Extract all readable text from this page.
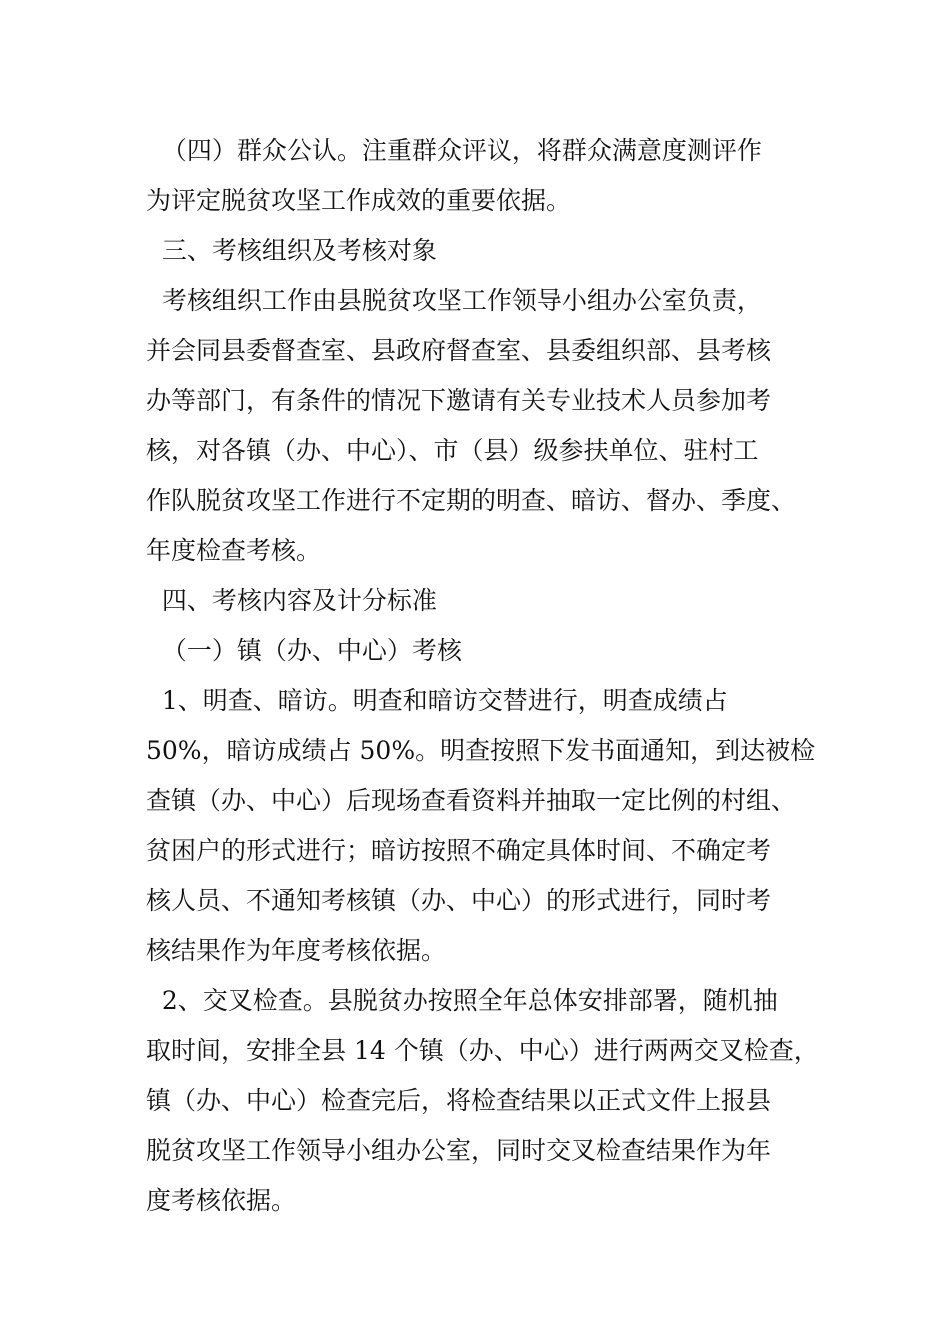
（四）群众公认。注重群众评议，将群众满意度测评作
为评定脱贫攻坚工作成效的重要依据。
三、考核组织及考核对象
考核组织工作由县脱贫攻坚工作领导小组办公室负责，
并会同县委督查室、县政府督查室、县委组织部、县考核
办等部门，有条件的情况下邀请有关专业技术人员参加考
核，对各镇（办、中心）、市（县）级参扶单位、驻村工
作队脱贫攻坚工作进行不定期的明查、暗访、督办、季度、
年度检查考核。
四、考核内容及计分标准
（一）镇（办、中心）考核
1、明查、暗访。明查和暗访交替进行，明查成绩占
50%，暗访成绩占 50%。明查按照下发书面通知，到达被检
查镇（办、中心）后现场查看资料并抽取一定比例的村组、
贫困户的形式进行；暗访按照不确定具体时间、不确定考
核人员、不通知考核镇（办、中心）的形式进行，同时考
核结果作为年度考核依据。
2、交叉检查。县脱贫办按照全年总体安排部署，随机抽
取时间，安排全县 14 个镇（办、中心）进行两两交叉检查，
镇（办、中心）检查完后，将检查结果以正式文件上报县
脱贫攻坚工作领导小组办公室，同时交叉检查结果作为年
度考核依据。
